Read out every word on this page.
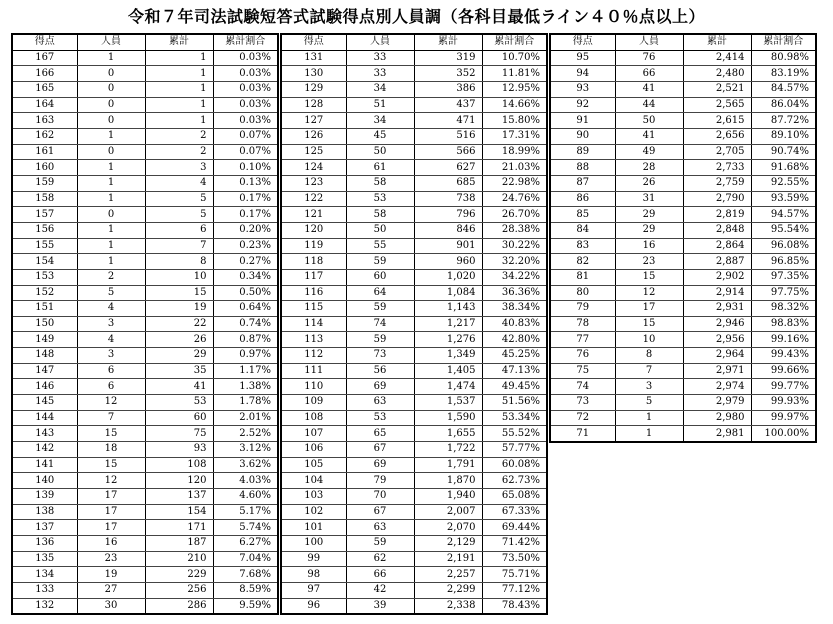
令和７年司法試験短答式試験得点別人員調（各科目最低ライン４０％点以上）
得点	人員	累計	累計割合
167	1	1	0.03%
166	0	1	0.03%
165	0	1	0.03%
164	0	1	0.03%
163	0	1	0.03%
162	1	2	0.07%
161	0	2	0.07%
160	1	3	0.10%
159	1	4	0.13%
158	1	5	0.17%
157	0	5	0.17%
156	1	6	0.20%
155	1	7	0.23%
154	1	8	0.27%
153	2	10	0.34%
152	5	15	0.50%
151	4	19	0.64%
150	3	22	0.74%
149	4	26	0.87%
148	3	29	0.97%
147	6	35	1.17%
146	6	41	1.38%
145	12	53	1.78%
144	7	60	2.01%
143	15	75	2.52%
142	18	93	3.12%
141	15	108	3.62%
140	12	120	4.03%
139	17	137	4.60%
138	17	154	5.17%
137	17	171	5.74%
136	16	187	6.27%
135	23	210	7.04%
134	19	229	7.68%
133	27	256	8.59%
132	30	286	9.59%
得点	人員	累計	累計割合
131	33	319	10.70%
130	33	352	11.81%
129	34	386	12.95%
128	51	437	14.66%
127	34	471	15.80%
126	45	516	17.31%
125	50	566	18.99%
124	61	627	21.03%
123	58	685	22.98%
122	53	738	24.76%
121	58	796	26.70%
120	50	846	28.38%
119	55	901	30.22%
118	59	960	32.20%
117	60	1,020	34.22%
116	64	1,084	36.36%
115	59	1,143	38.34%
114	74	1,217	40.83%
113	59	1,276	42.80%
112	73	1,349	45.25%
111	56	1,405	47.13%
110	69	1,474	49.45%
109	63	1,537	51.56%
108	53	1,590	53.34%
107	65	1,655	55.52%
106	67	1,722	57.77%
105	69	1,791	60.08%
104	79	1,870	62.73%
103	70	1,940	65.08%
102	67	2,007	67.33%
101	63	2,070	69.44%
100	59	2,129	71.42%
99	62	2,191	73.50%
98	66	2,257	75.71%
97	42	2,299	77.12%
96	39	2,338	78.43%
得点	人員	累計	累計割合
95	76	2,414	80.98%
94	66	2,480	83.19%
93	41	2,521	84.57%
92	44	2,565	86.04%
91	50	2,615	87.72%
90	41	2,656	89.10%
89	49	2,705	90.74%
88	28	2,733	91.68%
87	26	2,759	92.55%
86	31	2,790	93.59%
85	29	2,819	94.57%
84	29	2,848	95.54%
83	16	2,864	96.08%
82	23	2,887	96.85%
81	15	2,902	97.35%
80	12	2,914	97.75%
79	17	2,931	98.32%
78	15	2,946	98.83%
77	10	2,956	99.16%
76	8	2,964	99.43%
75	7	2,971	99.66%
74	3	2,974	99.77%
73	5	2,979	99.93%
72	1	2,980	99.97%
71	1	2,981	100.00%
